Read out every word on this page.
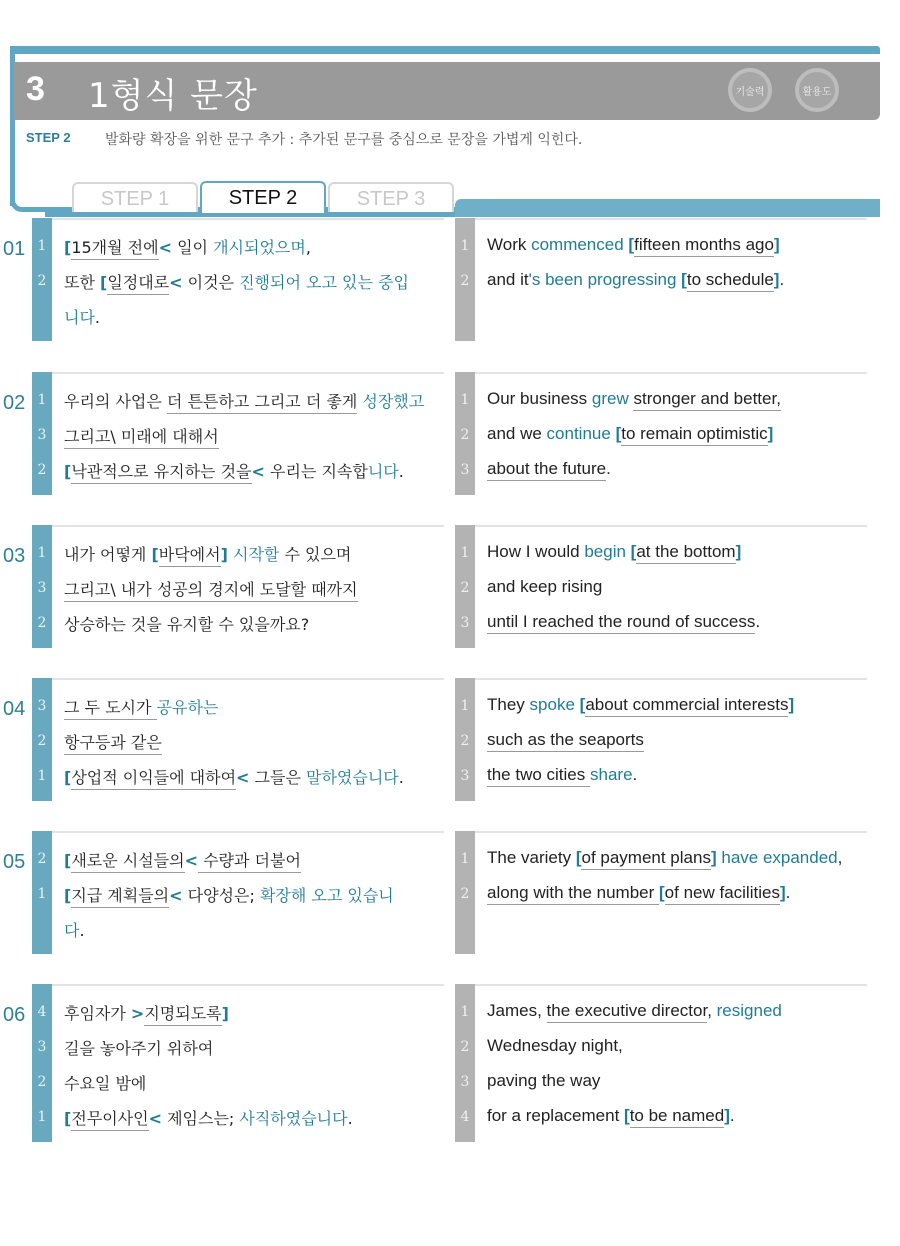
3 1형식 문장	기술력	활용도
STEP 2 발화량 확장을 위한 문구 추가 : 추가된 문구를 중심으로 문장을 가볍게 익힌다.
STEP 1	STEP 2	STEP 3
01 1	[15개월 전에< 일이 개시되었으며,
2	또한 [일정대로< 이것은 진행되어 오고 있는 중입
니다.
1	Work commenced [fifteen months ago]
2	and it's been progressing [to schedule].
02 1	우리의 사업은 더 튼튼하고 그리고 더 좋게 성장했고
3	그리고\ 미래에 대해서
2	[낙관적으로 유지하는 것을< 우리는 지속합니다.
1	Our business grew stronger and better,
2	and we continue [to remain optimistic]
3	about the future.
03 1	내가 어떻게 [바닥에서] 시작할 수 있으며
3	그리고\ 내가 성공의 경지에 도달할 때까지
2	상승하는 것을 유지할 수 있을까요?
1	How I would begin [at the bottom]
2	and keep rising
3	until I reached the round of success.
04 3	그 두 도시가 공유하는
2	항구등과 같은
1	[상업적 이익들에 대하여< 그들은 말하였습니다.
1	They spoke [about commercial interests]
2	such as the seaports
3	the two cities share.
05 2	[새로운 시설들의< 수량과 더불어
1	[지급 계획들의< 다양성은; 확장해 오고 있습니
다.
1	The variety [of payment plans] have expanded,
2	along with the number [of new facilities].
06 4	후임자가 >지명되도록]
3	길을 놓아주기 위하여
2	수요일 밤에
1	[전무이사인< 제임스는; 사직하였습니다.
1	James, the executive director, resigned
2	Wednesday night,
3	paving the way
4	for a replacement [to be named].
